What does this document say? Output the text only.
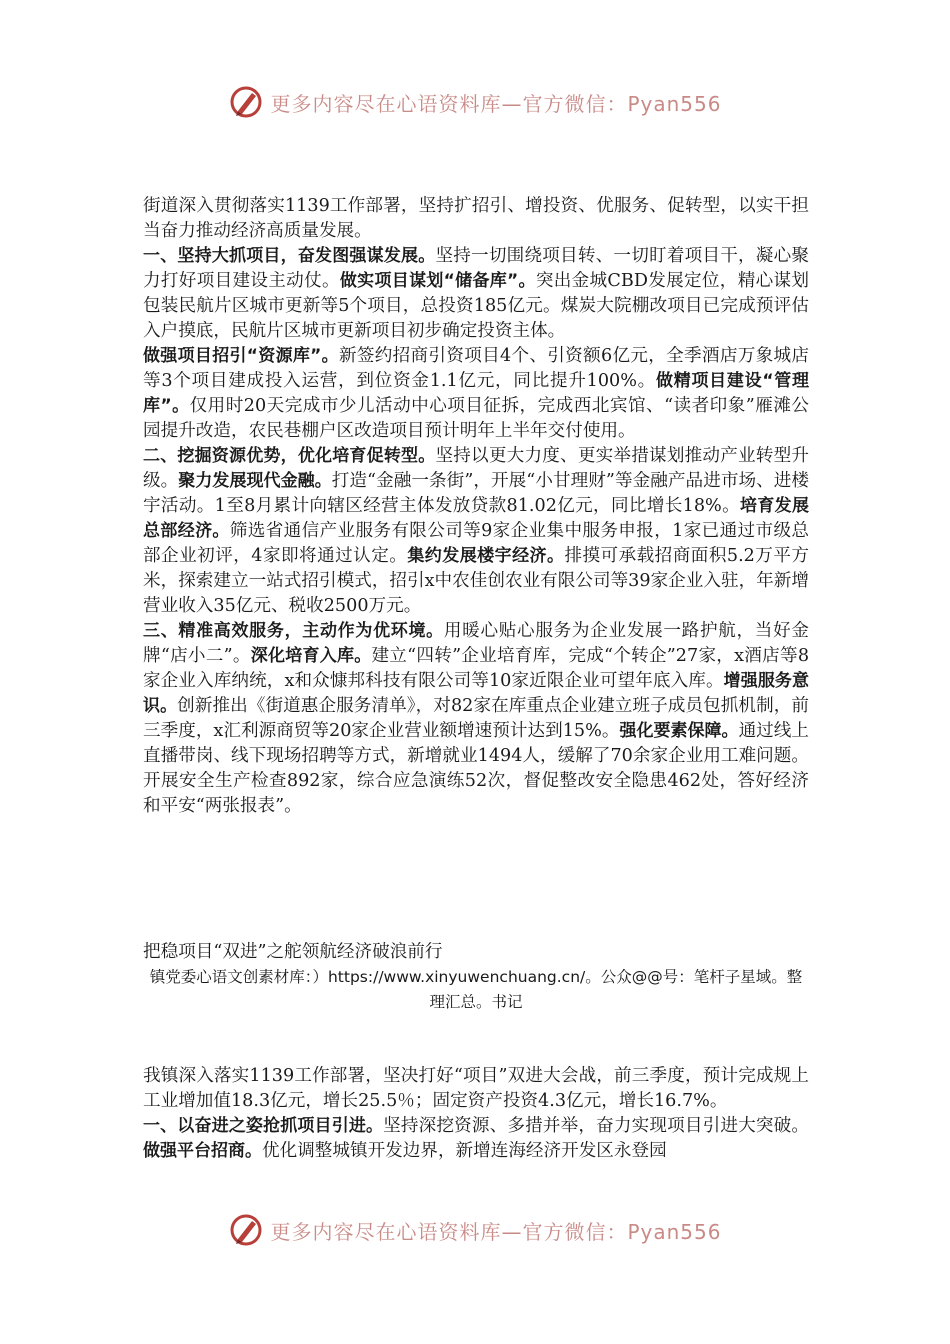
更多内容尽在心语资料库—官方微信：Pyan556

街道深入贯彻落实1139工作部署，坚持扩招引、增投资、优服务、促转型，以实干担当奋力推动经济高质量发展。

一、坚持大抓项目，奋发图强谋发展。坚持一切围绕项目转、一切盯着项目干，凝心聚力打好项目建设主动仗。做实项目谋划“储备库”。突出金城CBD发展定位，精心谋划包装民航片区城市更新等5个项目，总投资185亿元。煤炭大院棚改项目已完成预评估入户摸底，民航片区城市更新项目初步确定投资主体。

做强项目招引“资源库”。新签约招商引资项目4个、引资额6亿元，全季酒店万象城店等3个项目建成投入运营，到位资金1.1亿元，同比提升100%。做精项目建设“管理库”。仅用时20天完成市少儿活动中心项目征拆，完成西北宾馆、“读者印象”雁滩公园提升改造，农民巷棚户区改造项目预计明年上半年交付使用。

二、挖掘资源优势，优化培育促转型。坚持以更大力度、更实举措谋划推动产业转型升级。聚力发展现代金融。打造“金融一条街”，开展“小甘理财”等金融产品进市场、进楼宇活动。1至8月累计向辖区经营主体发放贷款81.02亿元，同比增长18%。培育发展总部经济。筛选省通信产业服务有限公司等9家企业集中服务申报，1家已通过市级总部企业初评，4家即将通过认定。集约发展楼宇经济。排摸可承载招商面积5.2万平方米，探索建立一站式招引模式，招引x中农佳创农业有限公司等39家企业入驻，年新增营业收入35亿元、税收2500万元。

三、精准高效服务，主动作为优环境。用暖心贴心服务为企业发展一路护航，当好金牌“店小二”。深化培育入库。建立“四转”企业培育库，完成“个转企”27家，x酒店等8家企业入库纳统，x和众慷邦科技有限公司等10家近限企业可望年底入库。增强服务意识。创新推出《街道惠企服务清单》，对82家在库重点企业建立班子成员包抓机制，前三季度，x汇利源商贸等20家企业营业额增速预计达到15%。强化要素保障。通过线上直播带岗、线下现场招聘等方式，新增就业1494人，缓解了70余家企业用工难问题。开展安全生产检查892家，综合应急演练52次，督促整改安全隐患462处，答好经济和平安“两张报表”。

把稳项目“双进”之舵领航经济破浪前行

镇党委心语文创素材库：）https://www.xinyuwenchuang.cn/。公众@@号：笔杆子星域。整理汇总。书记

我镇深入落实1139工作部署，坚决打好“项目”双进大会战，前三季度，预计完成规上工业增加值18.3亿元，增长25.5％；固定资产投资4.3亿元，增长16.7%。

一、以奋进之姿抢抓项目引进。坚持深挖资源、多措并举，奋力实现项目引进大突破。做强平台招商。优化调整城镇开发边界，新增连海经济开发区永登园

更多内容尽在心语资料库—官方微信：Pyan556
